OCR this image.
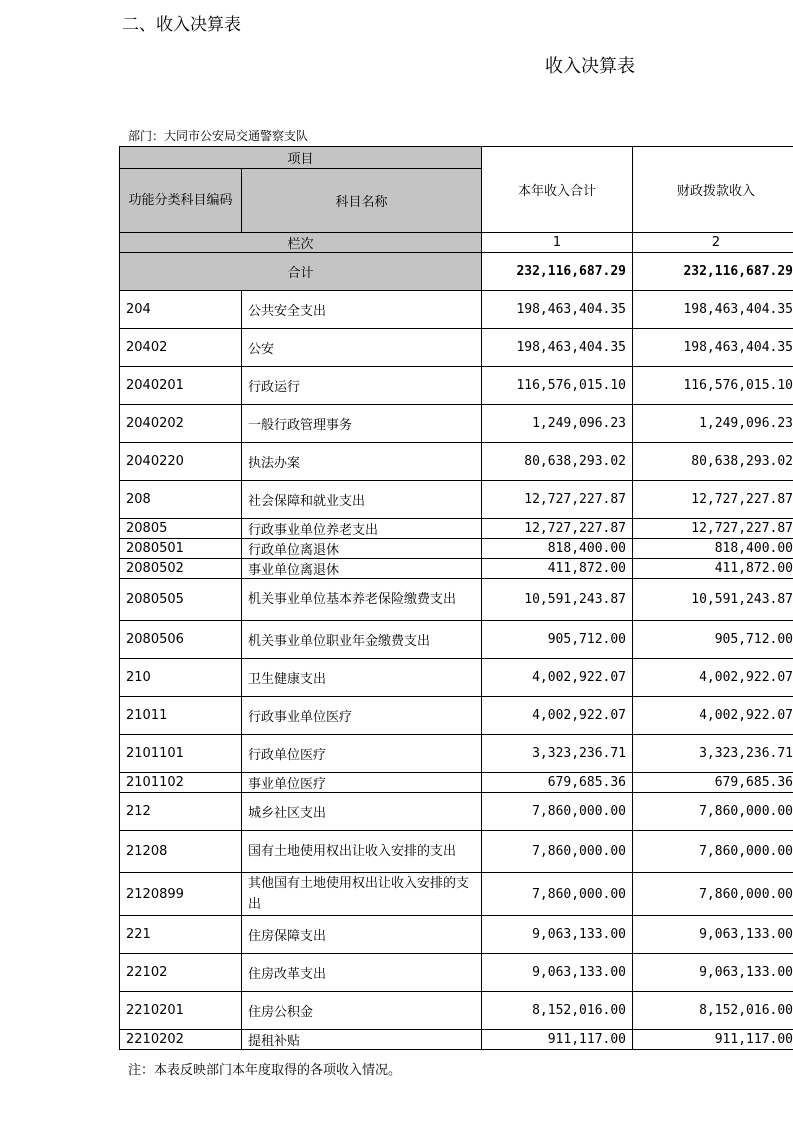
二、收入决算表
收入决算表
部门：大同市公安局交通警察支队
项目		本年收入合计	财政拨款收入
功能分类科目编码	科目名称		
栏次		1	2
合计		232,116,687.29	232,116,687.29
204	公共安全支出	198,463,404.35	198,463,404.35
20402	公安	198,463,404.35	198,463,404.35
2040201	行政运行	116,576,015.10	116,576,015.10
2040202	一般行政管理事务	1,249,096.23	1,249,096.23
2040220	执法办案	80,638,293.02	80,638,293.02
208	社会保障和就业支出	12,727,227.87	12,727,227.87
20805	行政事业单位养老支出	12,727,227.87	12,727,227.87
2080501	行政单位离退休	818,400.00	818,400.00
2080502	事业单位离退休	411,872.00	411,872.00
2080505	机关事业单位基本养老保险缴费支出	10,591,243.87	10,591,243.87
2080506	机关事业单位职业年金缴费支出	905,712.00	905,712.00
210	卫生健康支出	4,002,922.07	4,002,922.07
21011	行政事业单位医疗	4,002,922.07	4,002,922.07
2101101	行政单位医疗	3,323,236.71	3,323,236.71
2101102	事业单位医疗	679,685.36	679,685.36
212	城乡社区支出	7,860,000.00	7,860,000.00
21208	国有土地使用权出让收入安排的支出	7,860,000.00	7,860,000.00
2120899	其他国有土地使用权出让收入安排的支出	7,860,000.00	7,860,000.00
221	住房保障支出	9,063,133.00	9,063,133.00
22102	住房改革支出	9,063,133.00	9,063,133.00
2210201	住房公积金	8,152,016.00	8,152,016.00
2210202	提租补贴	911,117.00	911,117.00
注：本表反映部门本年度取得的各项收入情况。
